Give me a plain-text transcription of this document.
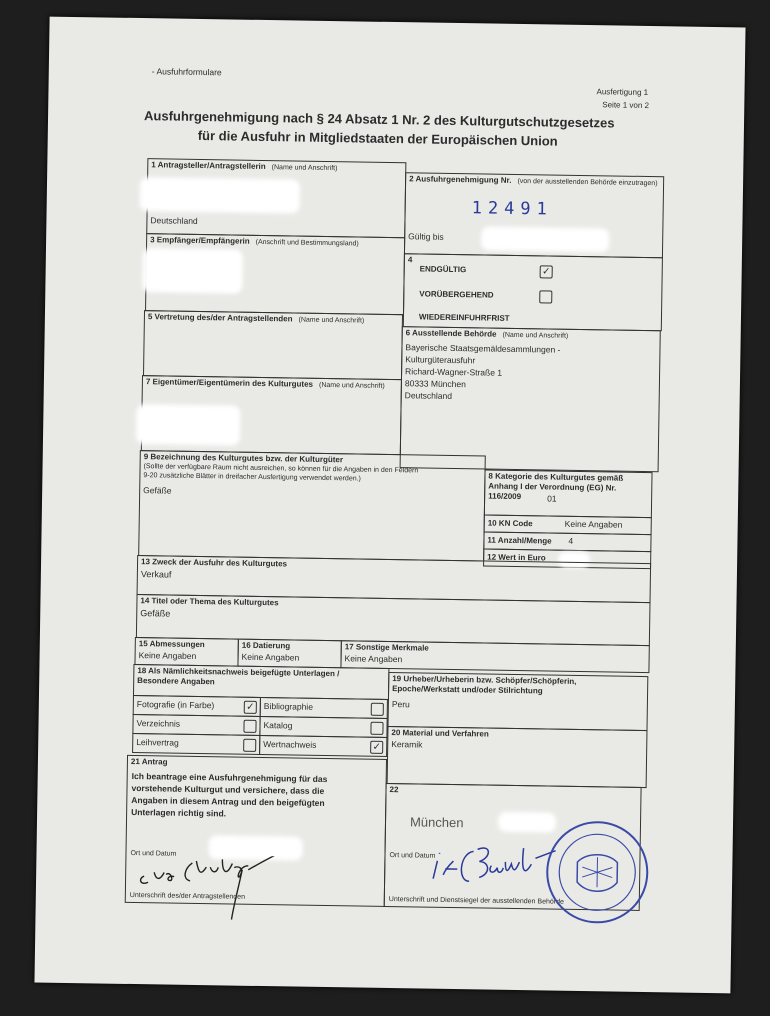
- Ausfuhrformulare
Ausfertigung 1
Seite 1 von 2
Ausfuhrgenehmigung nach § 24 Absatz 1 Nr. 2 des Kulturgutschutzgesetzes
für die Ausfuhr in Mitgliedstaaten der Europäischen Union
1 Antragsteller/Antragstellerin (Name und Anschrift)
Deutschland
2 Ausfuhrgenehmigung Nr. (von der ausstellenden Behörde einzutragen)
12491
Gültig bis
3 Empfänger/Empfängerin (Anschrift und Bestimmungsland)
4
ENDGÜLTIG	✓
VORÜBERGEHEND
WIEDEREINFUHRFRIST
5 Vertretung des/der Antragstellenden (Name und Anschrift)
6 Ausstellende Behörde (Name und Anschrift)
Bayerische Staatsgemäldesammlungen -
Kulturgüterausfuhr
Richard-Wagner-Straße 1
80333 München
Deutschland
7 Eigentümer/Eigentümerin des Kulturgutes (Name und Anschrift)
9 Bezeichnung des Kulturgutes bzw. der Kulturgüter
(Sollte der verfügbare Raum nicht ausreichen, so können für die Angaben in den Feldern
9-20 zusätzliche Blätter in dreifacher Ausfertigung verwendet werden.)
Gefäße
8 Kategorie des Kulturgutes gemäß
Anhang I der Verordnung (EG) Nr.
116/2009	01
10 KN Code	Keine Angaben
11 Anzahl/Menge 4
12 Wert in Euro
13 Zweck der Ausfuhr des Kulturgutes
Verkauf
14 Titel oder Thema des Kulturgutes
Gefäße
15 Abmessungen
Keine Angaben
16 Datierung
Keine Angaben
17 Sonstige Merkmale
Keine Angaben
18 Als Nämlichkeitsnachweis beigefügte Unterlagen /
Besondere Angaben	19 Urheber/Urheberin bzw. Schöpfer/Schöpferin,
Epoche/Werkstatt und/oder Stilrichtung
Peru
20 Material und Verfahren
Keramik
21 Antrag
Ich beantrage eine Ausfuhrgenehmigung für das
vorstehende Kulturgut und versichere, dass die
Angaben in diesem Antrag und den beigefügten
Unterlagen richtig sind.
Ort und Datum
Unterschrift des/der Antragstellenden
22
München
Ort und Datum
Unterschrift und Dienstsiegel der ausstellenden Behörde
Fotografie (in Farbe)	✓ Bibliographie
Verzeichnis	Katalog
Leihvertrag	Wertnachweis	✓
